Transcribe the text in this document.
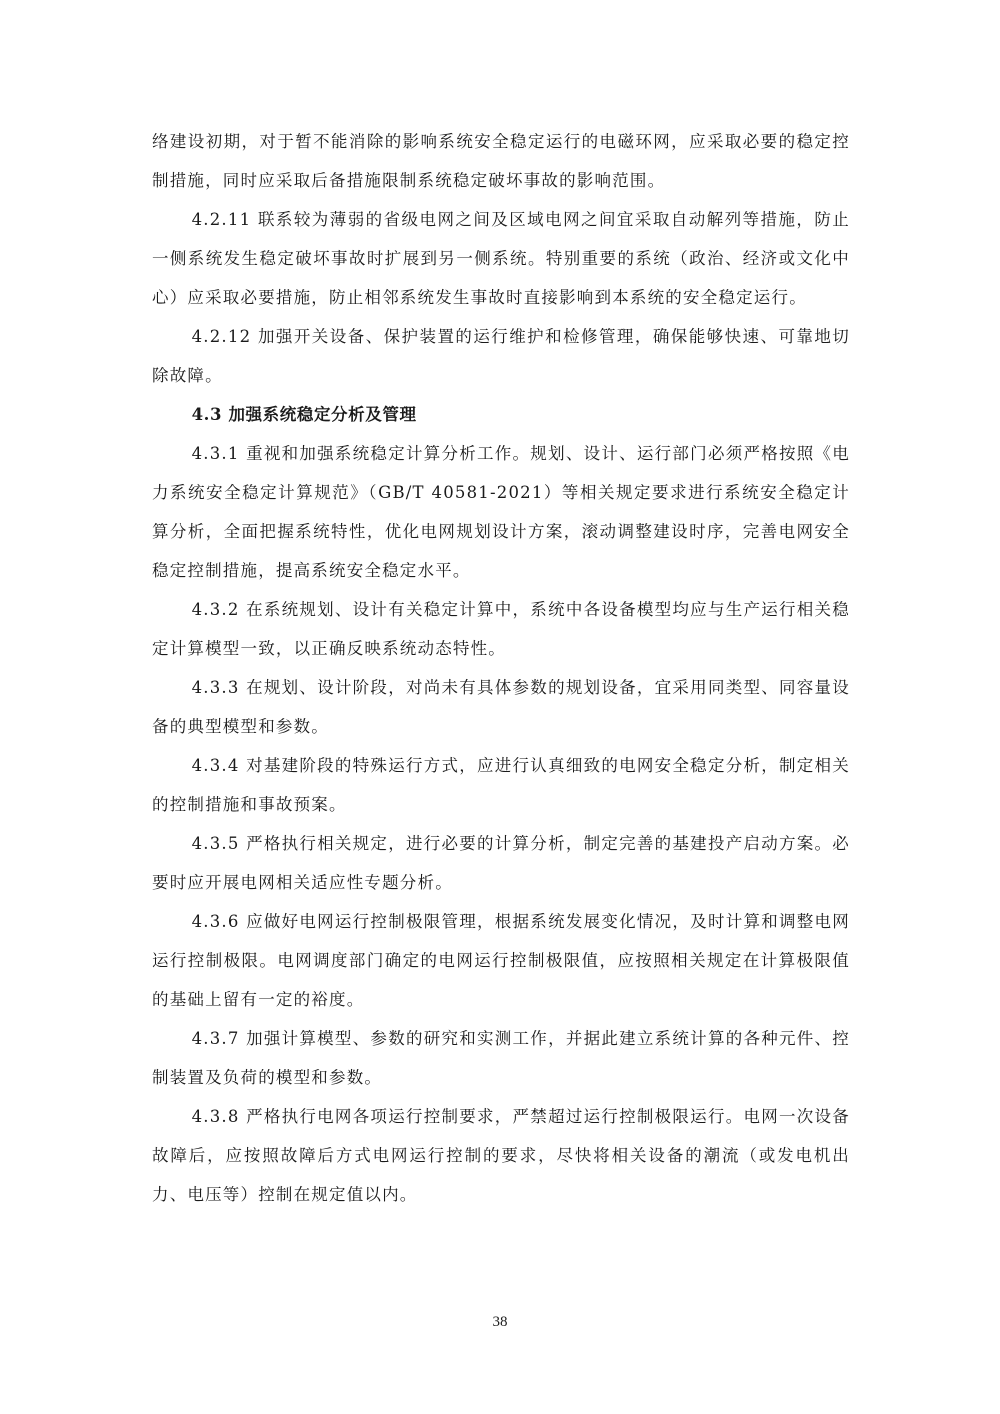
络建设初期，对于暂不能消除的影响系统安全稳定运行的电磁环网，应采取必要的稳定控制措施，同时应采取后备措施限制系统稳定破坏事故的影响范围。

4.2.11 联系较为薄弱的省级电网之间及区域电网之间宜采取自动解列等措施，防止一侧系统发生稳定破坏事故时扩展到另一侧系统。特别重要的系统（政治、经济或文化中心）应采取必要措施，防止相邻系统发生事故时直接影响到本系统的安全稳定运行。

4.2.12 加强开关设备、保护装置的运行维护和检修管理，确保能够快速、可靠地切除故障。

4.3 加强系统稳定分析及管理

4.3.1 重视和加强系统稳定计算分析工作。规划、设计、运行部门必须严格按照《电力系统安全稳定计算规范》（GB/T 40581-2021）等相关规定要求进行系统安全稳定计算分析，全面把握系统特性，优化电网规划设计方案，滚动调整建设时序，完善电网安全稳定控制措施，提高系统安全稳定水平。

4.3.2 在系统规划、设计有关稳定计算中，系统中各设备模型均应与生产运行相关稳定计算模型一致，以正确反映系统动态特性。

4.3.3 在规划、设计阶段，对尚未有具体参数的规划设备，宜采用同类型、同容量设备的典型模型和参数。

4.3.4 对基建阶段的特殊运行方式，应进行认真细致的电网安全稳定分析，制定相关的控制措施和事故预案。

4.3.5 严格执行相关规定，进行必要的计算分析，制定完善的基建投产启动方案。必要时应开展电网相关适应性专题分析。

4.3.6 应做好电网运行控制极限管理，根据系统发展变化情况，及时计算和调整电网运行控制极限。电网调度部门确定的电网运行控制极限值，应按照相关规定在计算极限值的基础上留有一定的裕度。

4.3.7 加强计算模型、参数的研究和实测工作，并据此建立系统计算的各种元件、控制装置及负荷的模型和参数。

4.3.8 严格执行电网各项运行控制要求，严禁超过运行控制极限运行。电网一次设备故障后，应按照故障后方式电网运行控制的要求，尽快将相关设备的潮流（或发电机出力、电压等）控制在规定值以内。

38
